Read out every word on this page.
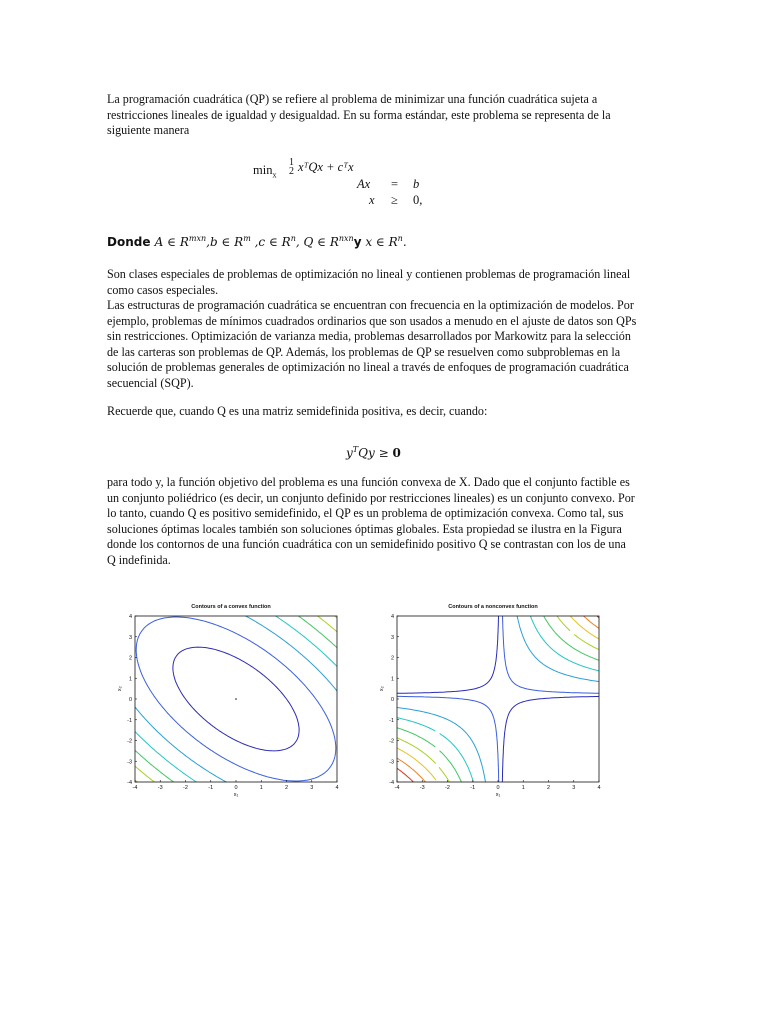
La programación cuadrática (QP) se refiere al problema de minimizar una función cuadrática sujeta a restricciones lineales de igualdad y desigualdad. En su forma estándar, este problema se representa de la siguiente manera

$\min_x$
1
2 xᵀQx + cᵀx
Ax = b
x ≥ 0,
Donde A ∈ $R^{mxn},b$ ∈ $R^m$ ,c ∈ $R^n$, Q ∈ $R^{nxn}y$ x ∈ $R^n$.

Son clases especiales de problemas de optimización no lineal y contienen problemas de programación lineal como casos especiales.

Las estructuras de programación cuadrática se encuentran con frecuencia en la optimización de modelos. Por ejemplo, problemas de mínimos cuadrados ordinarios que son usados a menudo en el ajuste de datos son QPs sin restricciones. Optimización de varianza media, problemas desarrollados por Markowitz para la selección de las carteras son problemas de QP. Además, los problemas de QP se resuelven como subproblemas en la solución de problemas generales de optimización no lineal a través de enfoques de programación cuadrática secuencial (SQP).

Recuerde que, cuando Q es una matriz semidefinida positiva, es decir, cuando:

$y^TQy \ge 0$

para todo y, la función objetivo del problema es una función convexa de X. Dado que el conjunto factible es un conjunto poliédrico (es decir, un conjunto definido por restricciones lineales) es un conjunto convexo. Por lo tanto, cuando Q es positivo semidefinido, el QP es un problema de optimización convexa. Como tal, sus soluciones óptimas locales también son soluciones óptimas globales. Esta propiedad se ilustra en la Figura donde los contornos de una función cuadrática con un semidefinido positivo Q se contrastan con los de una Q indefinida.

Contours of a convex function
-4	-3	-2	-1	0	1	2	3	4
4
3
2
1
0
-1
-2
-3
-4
x₁
x₂
Contours of a nonconvex function
-4	-3	-2	-1	0	1	2	3	4
4
3
2
1
0
-1
-2
-3
-4
x₁
x₂
